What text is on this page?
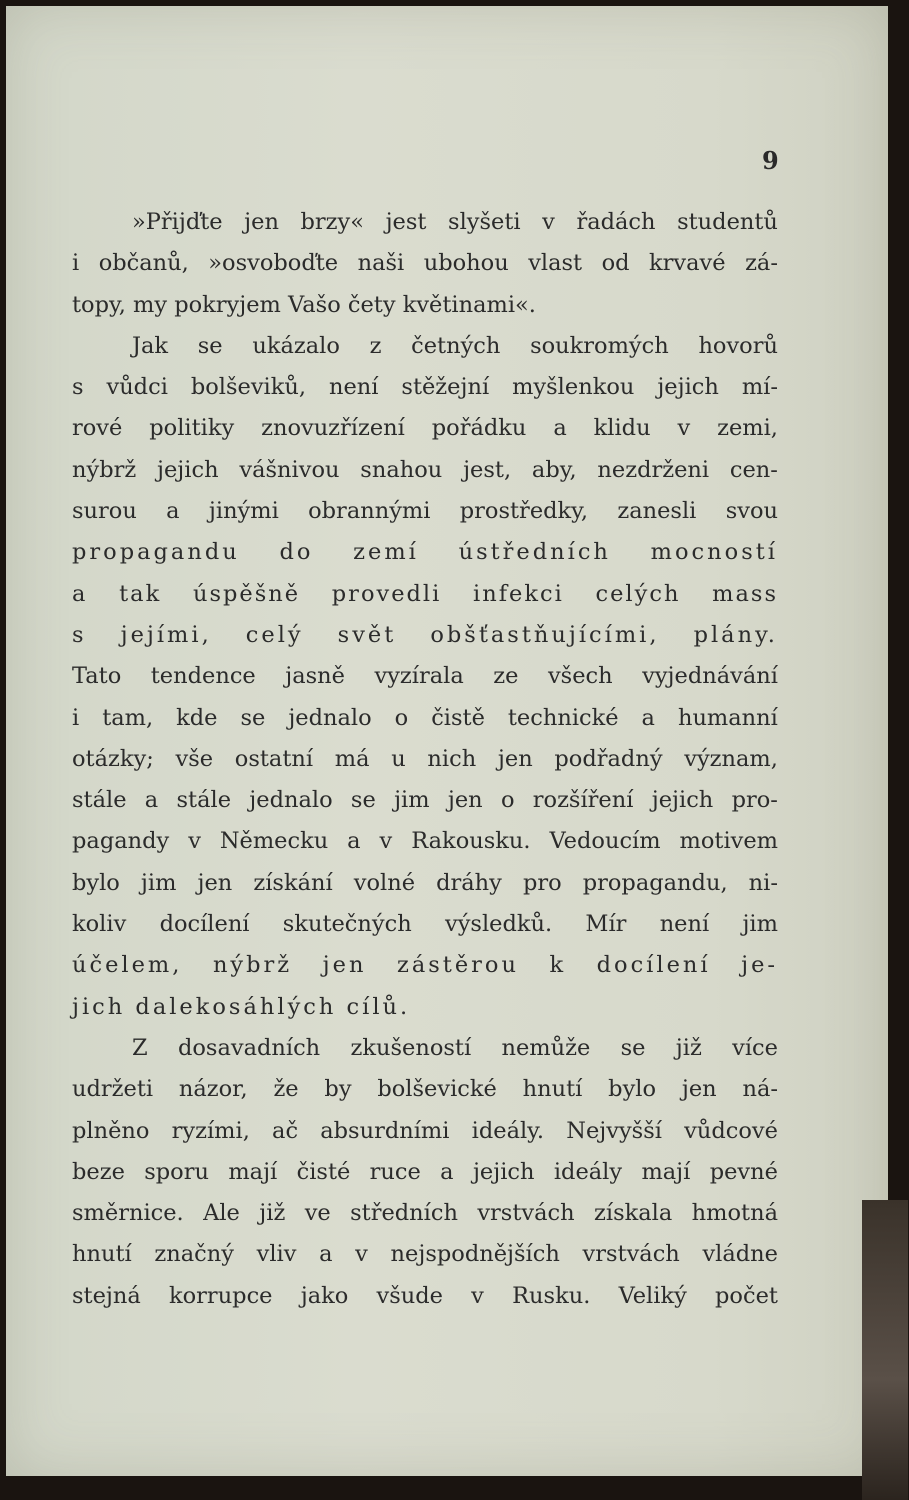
9
»Přijďte jen brzy« jest slyšeti v řadách studentů
i občanů, »osvoboďte naši ubohou vlast od krvavé zá-
topy, my pokryjem Vašo čety květinami«.
Jak se ukázalo z četných soukromých hovorů
s vůdci bolševiků, není stěžejní myšlenkou jejich mí-
rové politiky znovuzřízení pořádku a klidu v zemi,
nýbrž jejich vášnivou snahou jest, aby, nezdrženi cen-
surou a jinými obrannými prostředky, zanesli svou
propagandu do zemí ústředních mocností
a tak úspěšně provedli infekci celých mass
s jejími, celý svět obšťastňujícími, plány.
Tato tendence jasně vyzírala ze všech vyjednávání
i tam, kde se jednalo o čistě technické a humanní
otázky; vše ostatní má u nich jen podřadný význam,
stále a stále jednalo se jim jen o rozšíření jejich pro-
pagandy v Německu a v Rakousku. Vedoucím motivem
bylo jim jen získání volné dráhy pro propagandu, ni-
koliv docílení skutečných výsledků. Mír není jim
účelem, nýbrž jen zástěrou k docílení je-
jich dalekosáhlých cílů.
Z dosavadních zkušeností nemůže se již více
udržeti názor, že by bolševické hnutí bylo jen ná-
plněno ryzími, ač absurdními ideály. Nejvyšší vůdcové
beze sporu mají čisté ruce a jejich ideály mají pevné
směrnice. Ale již ve středních vrstvách získala hmotná
hnutí značný vliv a v nejspodnějších vrstvách vládne
stejná korrupce jako všude v Rusku. Veliký počet
